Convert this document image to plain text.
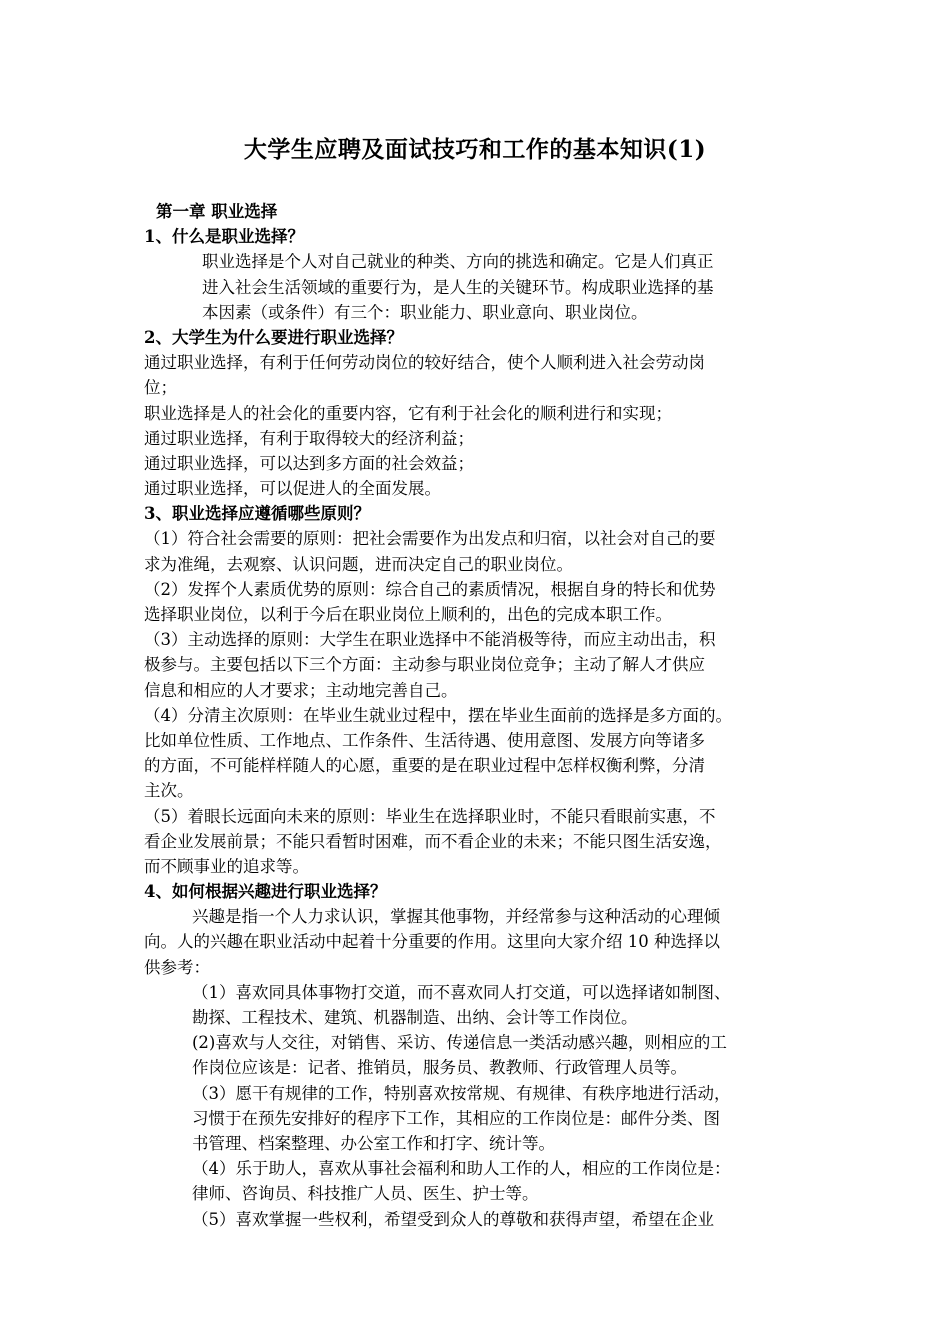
大学生应聘及面试技巧和工作的基本知识(1)
第一章 职业选择
1、什么是职业选择？
职业选择是个人对自己就业的种类、方向的挑选和确定。它是人们真正
进入社会生活领域的重要行为，是人生的关键环节。构成职业选择的基
本因素（或条件）有三个：职业能力、职业意向、职业岗位。
2、大学生为什么要进行职业选择？
通过职业选择，有利于任何劳动岗位的较好结合，使个人顺利进入社会劳动岗
位；
职业选择是人的社会化的重要内容，它有利于社会化的顺利进行和实现；
通过职业选择，有利于取得较大的经济利益；
通过职业选择，可以达到多方面的社会效益；
通过职业选择，可以促进人的全面发展。
3、职业选择应遵循哪些原则？
（1）符合社会需要的原则：把社会需要作为出发点和归宿，以社会对自己的要
求为准绳，去观察、认识问题，进而决定自己的职业岗位。
（2）发挥个人素质优势的原则：综合自己的素质情况，根据自身的特长和优势
选择职业岗位，以利于今后在职业岗位上顺利的，出色的完成本职工作。
（3）主动选择的原则：大学生在职业选择中不能消极等待，而应主动出击，积
极参与。主要包括以下三个方面：主动参与职业岗位竞争；主动了解人才供应
信息和相应的人才要求；主动地完善自己。
（4）分清主次原则：在毕业生就业过程中，摆在毕业生面前的选择是多方面的。
比如单位性质、工作地点、工作条件、生活待遇、使用意图、发展方向等诸多
的方面，不可能样样随人的心愿，重要的是在职业过程中怎样权衡利弊，分清
主次。
（5）着眼长远面向未来的原则：毕业生在选择职业时，不能只看眼前实惠，不
看企业发展前景；不能只看暂时困难，而不看企业的未来；不能只图生活安逸，
而不顾事业的追求等。
4、如何根据兴趣进行职业选择？
兴趣是指一个人力求认识，掌握其他事物，并经常参与这种活动的心理倾
向。人的兴趣在职业活动中起着十分重要的作用。这里向大家介绍 10 种选择以
供参考：
（1）喜欢同具体事物打交道，而不喜欢同人打交道，可以选择诸如制图、
勘探、工程技术、建筑、机器制造、出纳、会计等工作岗位。
(2)喜欢与人交往，对销售、采访、传递信息一类活动感兴趣，则相应的工
作岗位应该是：记者、推销员，服务员、教教师、行政管理人员等。
（3）愿干有规律的工作，特别喜欢按常规、有规律、有秩序地进行活动，
习惯于在预先安排好的程序下工作，其相应的工作岗位是：邮件分类、图
书管理、档案整理、办公室工作和打字、统计等。
（4）乐于助人，喜欢从事社会福利和助人工作的人，相应的工作岗位是：
律师、咨询员、科技推广人员、医生、护士等。
（5）喜欢掌握一些权利，希望受到众人的尊敬和获得声望，希望在企业
